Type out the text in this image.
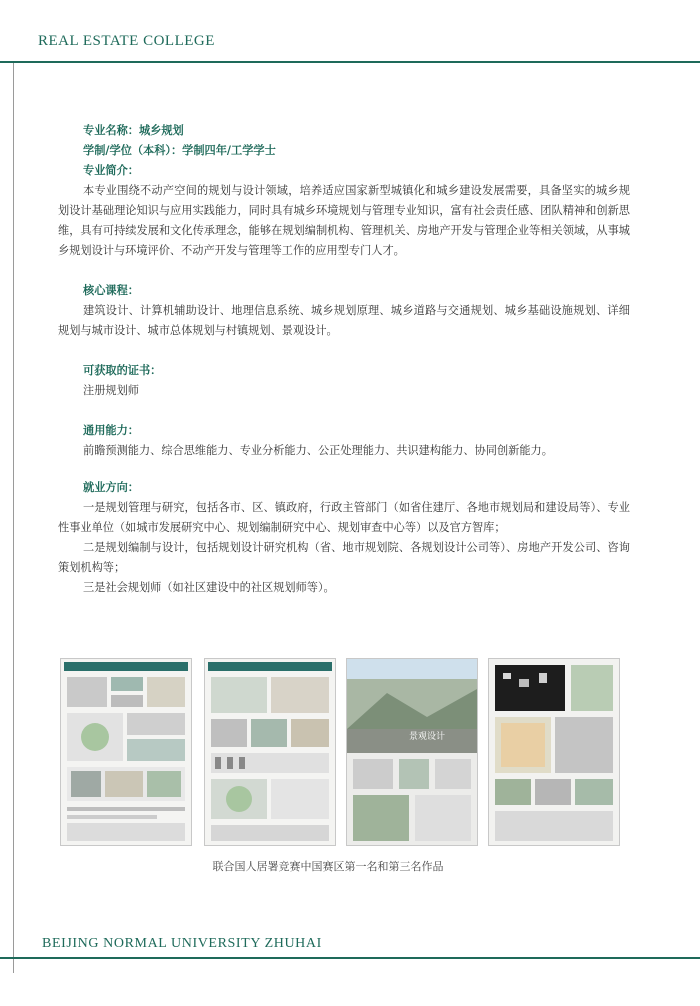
REAL ESTATE COLLEGE
专业名称：城乡规划
学制/学位（本科）：学制四年/工学学士
专业简介：

本专业围绕不动产空间的规划与设计领域，培养适应国家新型城镇化和城乡建设发展需要，具备坚实的城乡规划设计基础理论知识与应用实践能力，同时具有城乡环境规划与管理专业知识，富有社会责任感、团队精神和创新思维，具有可持续发展和文化传承理念，能够在规划编制机构、管理机关、房地产开发与管理企业等相关领域，从事城乡规划设计与环境评价、不动产开发与管理等工作的应用型专门人才。

核心课程：

建筑设计、计算机辅助设计、地理信息系统、城乡规划原理、城乡道路与交通规划、城乡基础设施规划、详细规划与城市设计、城市总体规划与村镇规划、景观设计。

可获取的证书：

注册规划师

通用能力：

前瞻预测能力、综合思维能力、专业分析能力、公正处理能力、共识建构能力、协同创新能力。

就业方向：

一是规划管理与研究，包括各市、区、镇政府，行政主管部门（如省住建厅、各地市规划局和建设局等）、专业性事业单位（如城市发展研究中心、规划编制研究中心、规划审查中心等）以及官方智库；

二是规划编制与设计，包括规划设计研究机构（省、地市规划院、各规划设计公司等）、房地产开发公司、咨询策划机构等；

三是社会规划师（如社区建设中的社区规划师等）。

景观设计
联合国人居署竞赛中国赛区第一名和第三名作品
BEIJING NORMAL UNIVERSITY ZHUHAI
